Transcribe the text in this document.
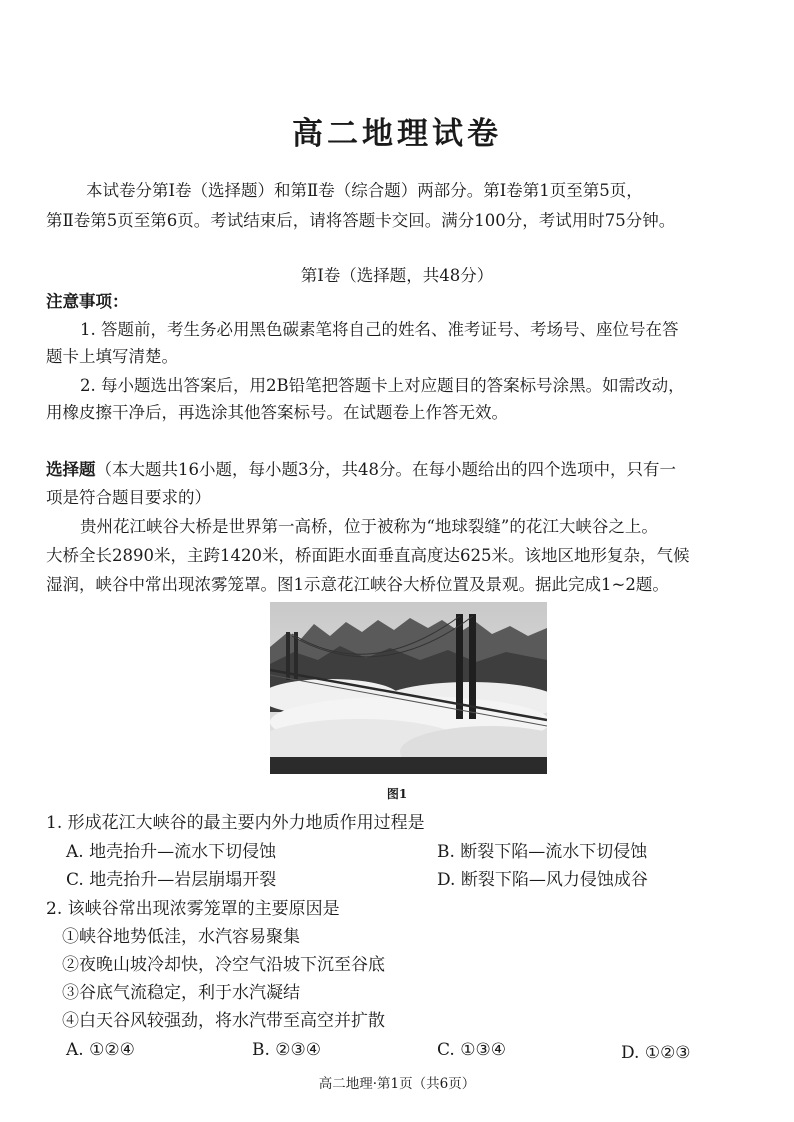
高二地理试卷
本试卷分第Ⅰ卷（选择题）和第Ⅱ卷（综合题）两部分。第Ⅰ卷第1页至第5页，
第Ⅱ卷第5页至第6页。考试结束后，请将答题卡交回。满分100分，考试用时75分钟。
第Ⅰ卷（选择题，共48分）
注意事项：
1. 答题前，考生务必用黑色碳素笔将自己的姓名、准考证号、考场号、座位号在答
题卡上填写清楚。
2. 每小题选出答案后，用2B铅笔把答题卡上对应题目的答案标号涂黑。如需改动，
用橡皮擦干净后，再选涂其他答案标号。在试题卷上作答无效。
选择题（本大题共16小题，每小题3分，共48分。在每小题给出的四个选项中，只有一
项是符合题目要求的）
贵州花江峡谷大桥是世界第一高桥，位于被称为“地球裂缝”的花江大峡谷之上。
大桥全长2890米，主跨1420米，桥面距水面垂直高度达625米。该地区地形复杂，气候
湿润，峡谷中常出现浓雾笼罩。图1示意花江峡谷大桥位置及景观。据此完成1~2题。
图1
1. 形成花江大峡谷的最主要内外力地质作用过程是
A. 地壳抬升—流水下切侵蚀	B. 断裂下陷—流水下切侵蚀
C. 地壳抬升—岩层崩塌开裂	D. 断裂下陷—风力侵蚀成谷
2. 该峡谷常出现浓雾笼罩的主要原因是
①峡谷地势低洼，水汽容易聚集
②夜晚山坡冷却快，冷空气沿坡下沉至谷底
③谷底气流稳定，利于水汽凝结
④白天谷风较强劲，将水汽带至高空并扩散
A. ①②④	B. ②③④	C. ①③④	D. ①②③
高二地理·第1页（共6页）
